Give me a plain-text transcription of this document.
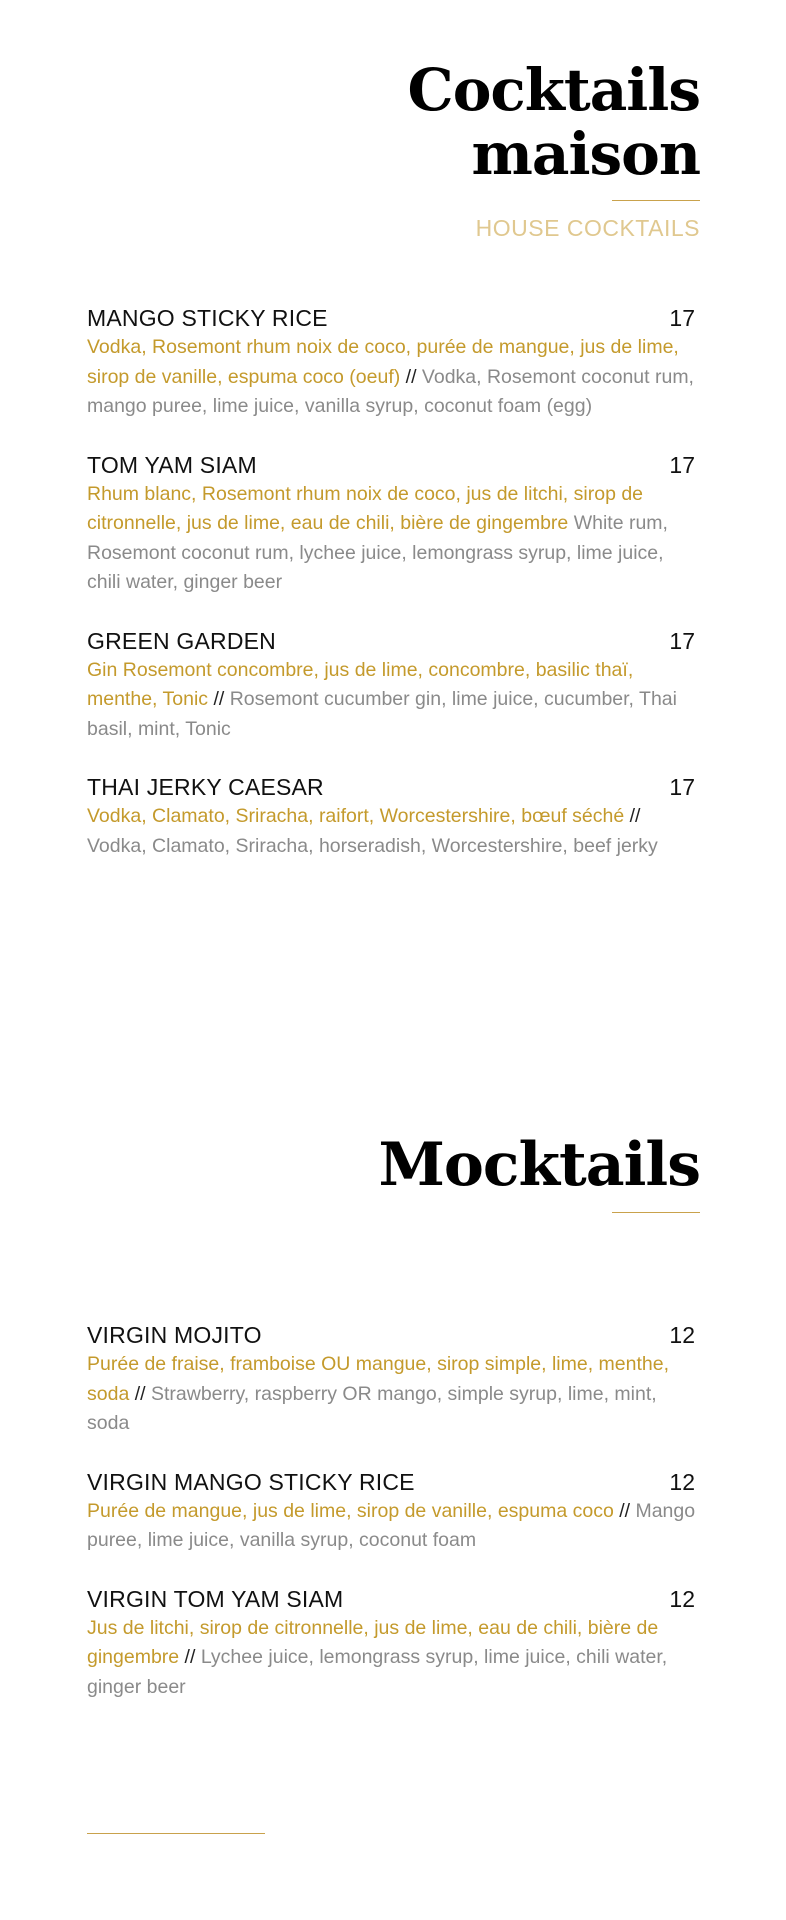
Cocktails
maison
HOUSE COCKTAILS
MANGO STICKY RICE	17

Vodka, Rosemont rhum noix de coco, purée de mangue, jus de lime, sirop de vanille, espuma coco (oeuf) // Vodka, Rosemont coconut rum, mango puree, lime juice, vanilla syrup, coconut foam (egg)

TOM YAM SIAM	17

Rhum blanc, Rosemont rhum noix de coco, jus de litchi, sirop de citronnelle, jus de lime, eau de chili, bière de gingembre White rum, Rosemont coconut rum, lychee juice, lemongrass syrup, lime juice, chili water, ginger beer

GREEN GARDEN	17

Gin Rosemont concombre, jus de lime, concombre, basilic thaï, menthe, Tonic // Rosemont cucumber gin, lime juice, cucumber, Thai basil, mint, Tonic

THAI JERKY CAESAR	17

Vodka, Clamato, Sriracha, raifort, Worcestershire, bœuf séché // Vodka, Clamato, Sriracha, horseradish, Worcestershire, beef jerky

Mocktails
VIRGIN MOJITO	12

Purée de fraise, framboise OU mangue, sirop simple, lime, menthe, soda // Strawberry, raspberry OR mango, simple syrup, lime, mint, soda

VIRGIN MANGO STICKY RICE	12

Purée de mangue, jus de lime, sirop de vanille, espuma coco // Mango puree, lime juice, vanilla syrup, coconut foam

VIRGIN TOM YAM SIAM	12

Jus de litchi, sirop de citronnelle, jus de lime, eau de chili, bière de gingembre // Lychee juice, lemongrass syrup, lime juice, chili water, ginger beer
